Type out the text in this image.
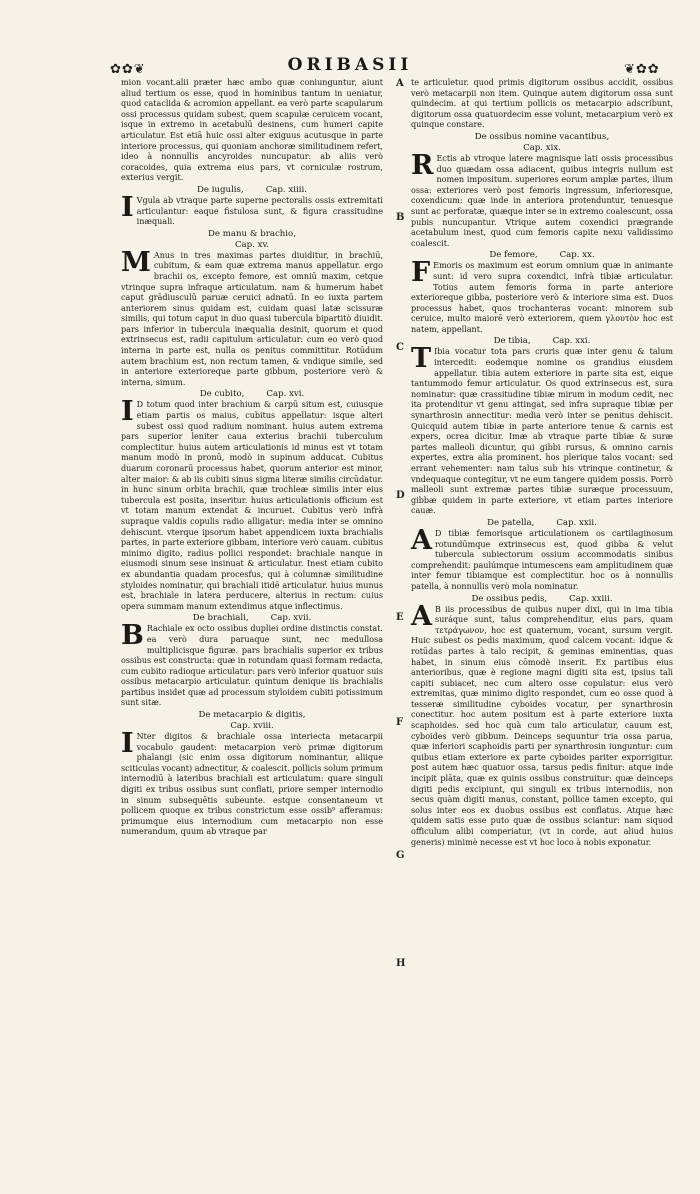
✿✿❦	ORIBASII	❦✿✿
mion vocant.alii præter hæc ambo quæ coniunguntur, aiunt aliud tertium os esse, quod in hominibus tantum in ueniatur, quod cataclida & acromion appellant. ea verò parte scapularum ossi processus quidam subest, quem scapulæ ceruicem vocant, isque in extremo in acetabulū desinens, cum humeri capite articulatur. Est etiā huic ossi alter exiguus acutusque in parte interiore processus, qui quoniam anchoræ similitudinem refert, ideo à nonnullis ancyroides nuncupatur: ab aliis verò coracoides, quia extrema eius pars, vt corniculæ rostrum, exterius vergit.
De iugulis,	Cap. xiiii.
I Vgula ab vtraque parte superne pectoralis ossis extremitati articulantur: eaque fistulosa sunt, & figura crassitudine inæquali.
De manu & brachio,
Cap. xv.
M Anus in tres maximas partes diuiditur, in brachiū, cubitum, & eam quæ extrema manus appellatur. ergo brachii os, excepto femore, est omniū maxim, cetque vtrinque supra infraque articulatum. nam & humerum habet caput grādiusculū paruæ ceruici adnatū. In eo iuxta partem anteriorem sinus quidam est, cuidam quasi latæ scissuræ similis, qui totum caput in duo quasi tubercula bipartitò diuidit. pars inferior in tubercula inæqualia desinit, quorum ei quod extrinsecus est, radii capitulum articulatur: cum eo verò quod interna in parte est, nulla os penitus committitur. Rotūdum autem brachium est, non rectum tamen, & vndique simile, sed in anteriore exterioreque parte gibbum, posteriore verò & interna, simum.
De cubito,	Cap. xvi.
I D totum quod inter brachium & carpū situm est, cuiusque etiam partis os maius, cubitus appellatur: isque alteri subest ossi quod radium nominant. huius autem extrema pars superior leniter caua exterius brachii tuberculum complectitur. huius autem articulationis id minus est vt totam manum modò in pronū, modò in supinum adducat. Cubitus duarum coronarū processus habet, quorum anterior est minor, alter maior: & ab iis cubiti sinus sigma literæ similis circūdatur. in hunc sinum orbita brachii, quæ trochleæ similis inter eius tubercula est posita, inseritur. huius articulationis officium est vt totam manum extendat & incuruet. Cubitus verò infrà supraque valdis copulis radio alligatur: media inter se omnino dehiscunt. vterque ipsorum habet appendicem iuxta brachialis partes, in parte exteriore gibbam, interiore verò cauam. cubitus minimo digito, radius pollici respondet: brachiale nanque in eiusmodi sinum sese insinuat & articulatur. Inest etiam cubito ex abundantia quadam procesfus, qui à columnæ similitudine styloides nominatur, qui brachiali itidē articulatur. huius munus est, brachiale in latera perducere, alterius in rectum: cuius opera summam manum extendimus atque inflectimus.
De brachiali,	Cap. xvii.
B Rachiale ex octo ossibus dupliei ordine distinctis constat. ea verò dura paruaque sunt, nec medullosa multiplicisque figuræ. pars brachialis superior ex tribus ossibus est constructa: quæ in rotundam quasi formam redacta, cum cubito radioque articulatur: pars verò inferior quatuor suis ossibus metacarpio articulatur. quintum denique iis brachialis partibus insidet quæ ad processum styloidem cubiti potissimum sunt sitæ.
De metacarpio & digitis,
Cap. xviii.
I Nter digitos & brachiale ossa interiecta metacarpii vocabulo gaudent: metacarpion verò primæ digitorum phalangi (sic enim ossa digitorum nominantur, aliique sciticulas vocant) adnectitur, & coalescit. pollicis solum primum internodiū à lateribus brachiali est articulatum: quare singuli digiti ex tribus ossibus sunt conflati, priore semper internodio in sinum subsequētis subeunte. estque consentaneum vt pollicem quoque ex tribus constrictum esse ossib⁹ afferamus: primumque eius internodium cum metacarpio non esse numerandum, quum ab vtraque par
te articuletur. quod primis digitorum ossibus accidit, ossibus verò metacarpii non item. Quinque autem digitorum ossa sunt quindecim. at qui tertium pollicis os metacarpio adscribunt, digitorum ossa quatuordecim esse volunt, metacarpium verò ex quinque constare.
De ossibus nomine vacantibus,
Cap. xix.
R Ectis ab vtroque latere magnisque lati ossis processibus duo quædam ossa adiacent, quibus integris nullum est nomen impositum. superiores eorum amplæ partes, ilium ossa: exteriores verò post femoris ingressum, inferioresque, coxendicum: quæ inde in anteriora protenduntur, tenuesque sunt ac perforatæ, quæque inter se in extremo coalescunt, ossa pubis nuncupantur. Vtrique autem coxendici prægrande acetabulum inest, quod cum femoris capite nexu validissimo coalescit.
De femore,	Cap. xx.
F Emoris os maximum est eorum omnium quæ in animante sunt: id vero supra coxendici, infrà tibiæ articulatur. Totius autem femoris forma in parte anteriore exterioreque gibba, posteriore verò & interiore sima est. Duos processus habet, quos trochanteras vocant: minorem sub ceruice, multo maiorē verò exteriorem, quem γλουτὸν hoc est natem, appellant.
De tibia,	Cap. xxi.
T Ibia vocatur tota pars cruris quæ inter genu & talum intercedit: eodemque nomine os grandius eiusdem appellatur. tibia autem exteriore in parte sita est, eique tantummodo femur articulatur. Os quod extrinsecus est, sura nominatur: quæ crassitudine tibiæ mirum in modum cedit, nec ita protenditur vt genu attingat, sed infra supraque tibiæ per synarthrosin annectitur: media verò inter se penitus dehiscit. Quicquid autem tibiæ in parte anteriore tenue & carnis est expers, ocrea dicitur. Imæ ab vtraque parte tibiæ & suræ partes malleoli dicuntur, qui gibbi rursus, & omnino carnis expertes, extra alia prominent. hos plerique talos vocant: sed errant vehementer: nam talus sub his vtrinque continetur, & vndequaque contegitur, vt ne eum tangere quidem possis. Porrò malleoli sunt extremæ partes tibiæ suræque processuum, gibbæ quidem in parte exteriore, vt etiam partes interiore cauæ.
De patella,	Cap. xxii.
A D tibiæ femorisque articulationem os cartilaginosum rotundūmque extrinsecus est, quod gibba & velut tubercula subiectorum ossium accommodatis sinibus comprehendit: paulúmque intumescens eam amplitudinem quæ inter femur tibiamque est complectitur. hoc os à nonnullis patella, à nonnullis verò mola nominatur.
De ossibus pedis,	Cap. xxiii.
A B iis processibus de quibus nuper dixi, qui in ima tibia suráque sunt, talus comprehenditur, eius pars, quam τετράγωνον, hoc est quaternum, vocant, sursum vergit. Huic subest os pedis maximum, quod calcem vocant: idque & rotūdas partes à talo recipit, & geminas eminentias, quas habet, in sinum eius cōmodè inserit. Ex partibus eius anterioribus, quæ è regione magni digiti sita est, ipsius tali capiti subiacet, nec cum altero osse copulatur: eius verò extremitas, quæ minimo digito respondet, cum eo osse quod à tesseræ similitudine cyboides vocatur, per synarthrosin conectitur. hoc autem positum est à parte exteriore iuxta scaphoides. sed hoc quà cum talo articulatur, cauum est, cyboides verò gibbum. Deinceps sequuntur tria ossa parua, quæ inferiori scaphoidis parti per synarthrosin iunguntur: cum quibus etiam exteriore ex parte cyboides pariter exporrigitur. post autem hæc quatuor ossa, tarsus pedis finitur: atque inde incipit plāta, quæ ex quinis ossibus construitur: quæ deinceps digiti pedis excipiunt, qui singuli ex tribus internodiis, non secus quàm digiti manus, constant, pollice tamen excepto, qui solus inter eos ex duobus ossibus est conflatus. Atque hæc quidem satis esse puto quæ de ossibus sciantur: nam siquod officulum alibi comperiatur, (vt in corde, aut aliud huius generis) minimè necesse est vt hoc loco à nobis exponatur.
A
B
C
D
E
F
G
H
